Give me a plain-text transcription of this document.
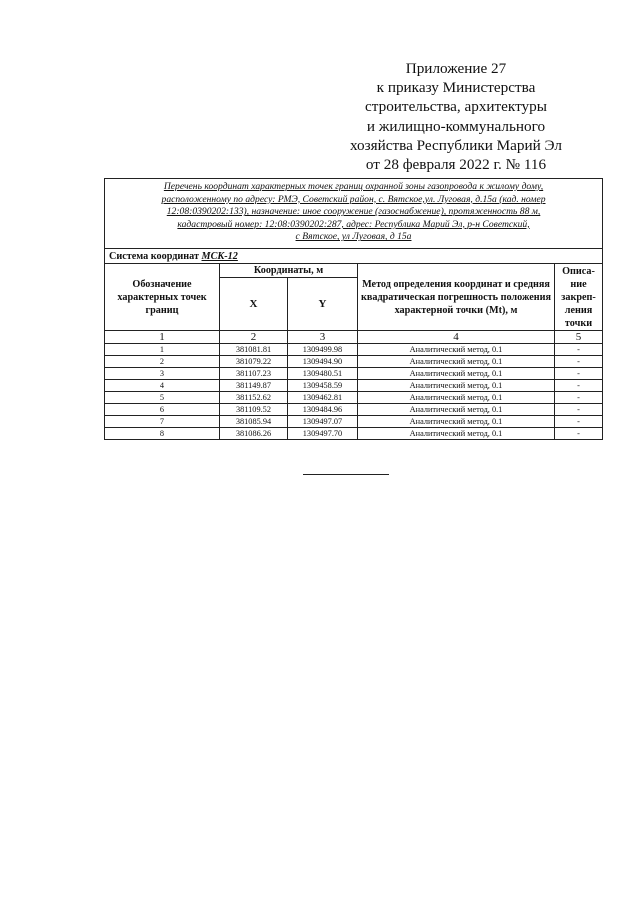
Приложение 27
к приказу Министерства
строительства, архитектуры
и жилищно-коммунального
хозяйства Республики Марий Эл
от 28 февраля 2022 г. № 116
Перечень координат характерных точек границ охранной зоны газопровода к жилому дому,
расположенному по адресу: РМЭ, Советский район, с. Вятское,ул. Луговая, д.15а (кад. номер
12:08:0390202:133), назначение: иное сооружение (газоснабжение), протяженность 88 м,
кадастровый номер: 12:08:0390202:287, адрес: Республика Марий Эл, р-н Советский,
с Вятское, ул Луговая, д 15а				

Система координат МСК-12				
Обозначение характерных точек границ	Координаты, м		Метод определения координат и средняя квадратическая погрешность положения характерной точки (Mt), м	Описа- ние закреп- ления точки
	X	Y		
1	2	3	4	5
1	381081.81	1309499.98	Аналитический метод, 0.1	-
2	381079.22	1309494.90	Аналитический метод, 0.1	-
3	381107.23	1309480.51	Аналитический метод, 0.1	-
4	381149.87	1309458.59	Аналитический метод, 0.1	-
5	381152.62	1309462.81	Аналитический метод, 0.1	-
6	381109.52	1309484.96	Аналитический метод, 0.1	-
7	381085.94	1309497.07	Аналитический метод, 0.1	-
8	381086.26	1309497.70	Аналитический метод, 0.1	-
